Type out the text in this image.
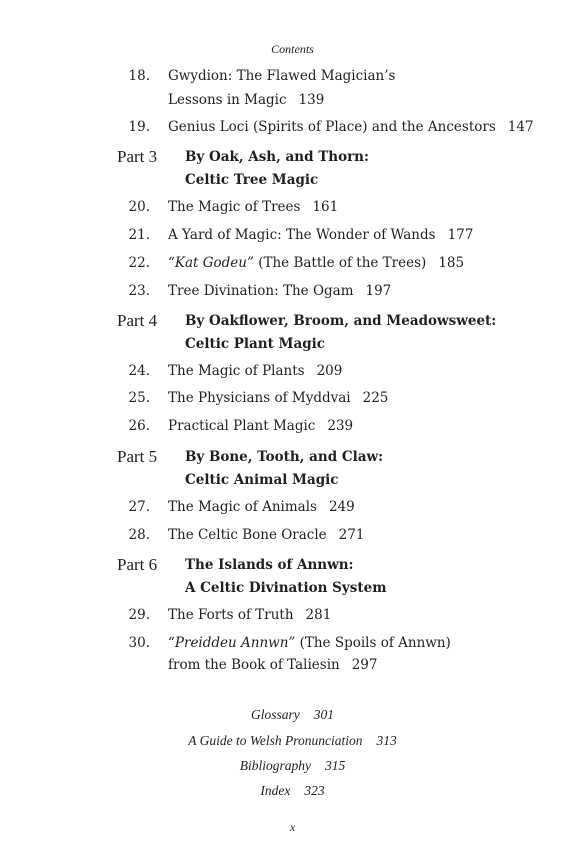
Contents
18. Gwydion: The Flawed Magician’s
Lessons in Magic 139
19. Genius Loci (Spirits of Place) and the Ancestors 147
Part 3 By Oak, Ash, and Thorn:
Celtic Tree Magic
20. The Magic of Trees 161
21. A Yard of Magic: The Wonder of Wands 177
22. “Kat Godeu” (The Battle of the Trees) 185
23. Tree Divination: The Ogam 197
Part 4 By Oakflower, Broom, and Meadowsweet:
Celtic Plant Magic
24. The Magic of Plants 209
25. The Physicians of Myddvai 225
26. Practical Plant Magic 239
Part 5 By Bone, Tooth, and Claw:
Celtic Animal Magic
27. The Magic of Animals 249
28. The Celtic Bone Oracle 271
Part 6 The Islands of Annwn:
A Celtic Divination System
29. The Forts of Truth 281
30. “Preiddeu Annwn” (The Spoils of Annwn)
from the Book of Taliesin 297
Glossary 301
A Guide to Welsh Pronunciation 313
Bibliography 315
Index 323
x
